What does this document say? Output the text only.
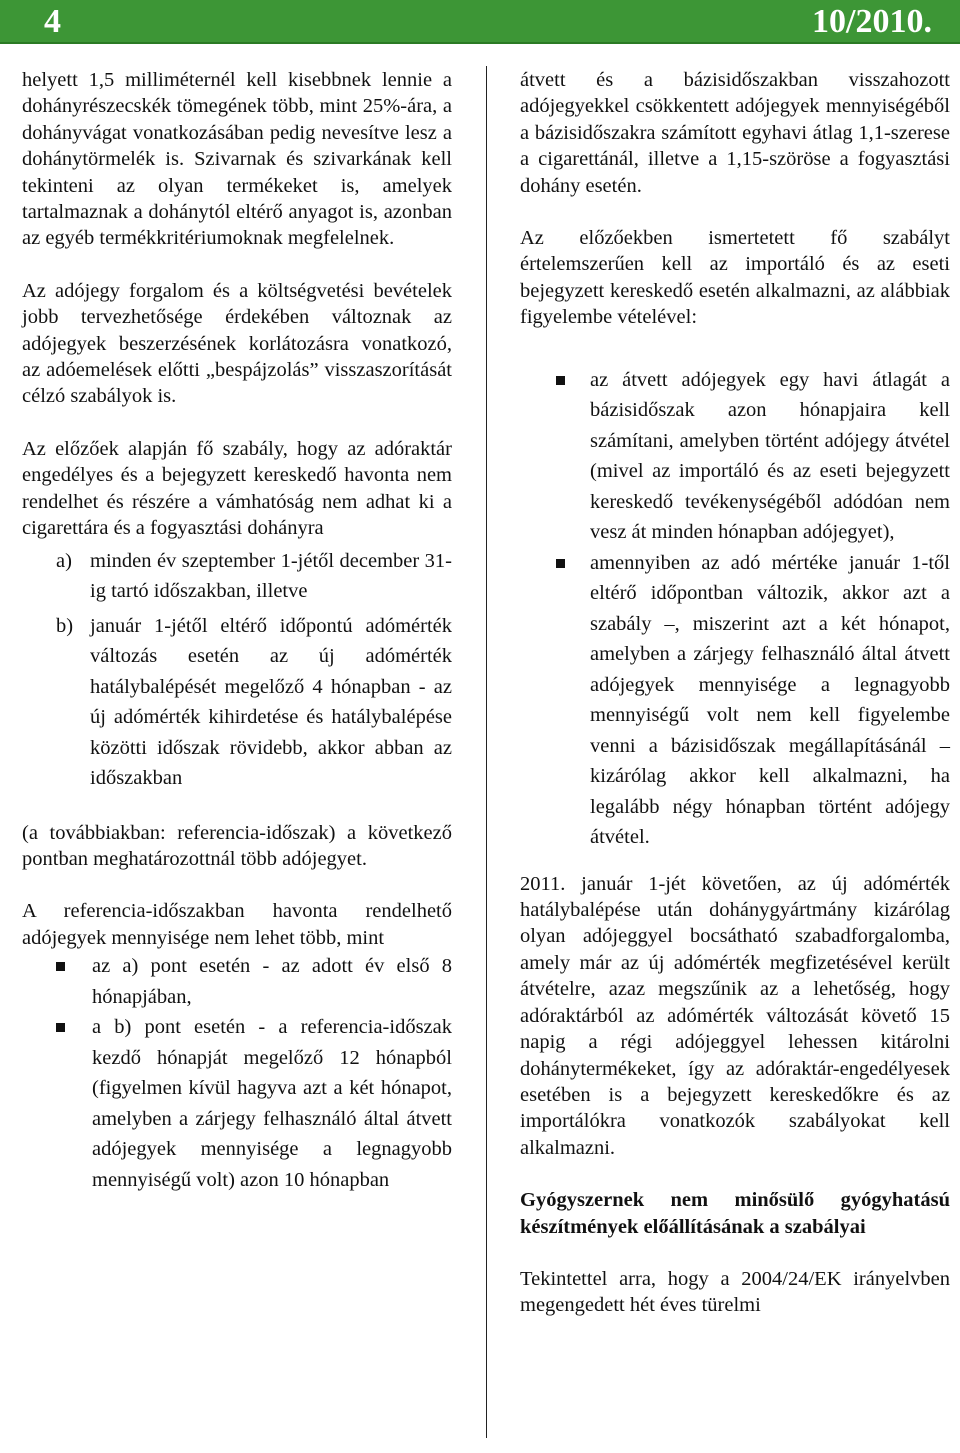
4	10/2010.

helyett 1,5 milliméternél kell kisebbnek lennie a dohányrészecskék tömegének több, mint 25%-ára, a dohányvágat vonatkozásában pedig nevesítve lesz a dohánytörmelék is. Szivarnak és szivarkának kell tekinteni az olyan termékeket is, amelyek tartalmaznak a dohánytól eltérő anyagot is, azonban az egyéb termékkritériumoknak megfelelnek.

Az adójegy forgalom és a költségvetési bevételek jobb tervezhetősége érdekében változnak az adójegyek beszerzésének korlátozásra vonatkozó, az adóemelések előtti „bespájzolás” visszaszorítását célzó szabályok is.

Az előzőek alapján fő szabály, hogy az adóraktár engedélyes és a bejegyzett kereskedő havonta nem rendelhet és részére a vámhatóság nem adhat ki a cigarettára és a fogyasztási dohányra

a) minden év szeptember 1-jétől december 31-ig tartó időszakban, illetve
b) január 1-jétől eltérő időpontú adómérték változás esetén az új adómérték hatálybalépését megelőző 4 hónapban - az új adómérték kihirdetése és hatálybalépése közötti időszak rövidebb, akkor abban az időszakban

(a továbbiakban: referencia-időszak) a következő pontban meghatározottnál több adójegyet.

A referencia-időszakban havonta rendelhető adójegyek mennyisége nem lehet több, mint

az a) pont esetén - az adott év első 8 hónapjában,
a b) pont esetén - a referencia-időszak kezdő hónapját megelőző 12 hónapból (figyelmen kívül hagyva azt a két hónapot, amelyben a zárjegy felhasználó által átvett adójegyek mennyisége a legnagyobb mennyiségű volt) azon 10 hónapban

átvett és a bázisidőszakban visszahozott adójegyekkel csökkentett adójegyek mennyiségéből a bázisidőszakra számított egyhavi átlag 1,1-szerese a cigarettánál, illetve a 1,15-szöröse a fogyasztási dohány esetén.

Az előzőekben ismertetett fő szabályt értelemszerűen kell az importáló és az eseti bejegyzett kereskedő esetén alkalmazni, az alábbiak figyelembe vételével:

az átvett adójegyek egy havi átlagát a bázisidőszak azon hónapjaira kell számítani, amelyben történt adójegy átvétel (mivel az importáló és az eseti bejegyzett kereskedő tevékenységéből adódóan nem vesz át minden hónapban adójegyet),
amennyiben az adó mértéke január 1-től eltérő időpontban változik, akkor azt a szabály –, miszerint azt a két hónapot, amelyben a zárjegy felhasználó által átvett adójegyek mennyisége a legnagyobb mennyiségű volt nem kell figyelembe venni a bázisidőszak megállapításánál – kizárólag akkor kell alkalmazni, ha legalább négy hónapban történt adójegy átvétel.

2011. január 1-jét követően, az új adómérték hatálybalépése után dohánygyártmány kizárólag olyan adójeggyel bocsátható szabadforgalomba, amely már az új adómérték megfizetésével került átvételre, azaz megszűnik az a lehetőség, hogy adóraktárból az adómérték változását követő 15 napig a régi adójeggyel lehessen kitárolni dohánytermékeket, így az adóraktár-engedélyesek esetében is a bejegyzett kereskedőkre és az importálókra vonatkozók szabályokat kell alkalmazni.

Gyógyszernek nem minősülő gyógyhatású készítmények előállításának a szabályai

Tekintettel arra, hogy a 2004/24/EK irányelvben megengedett hét éves türelmi
